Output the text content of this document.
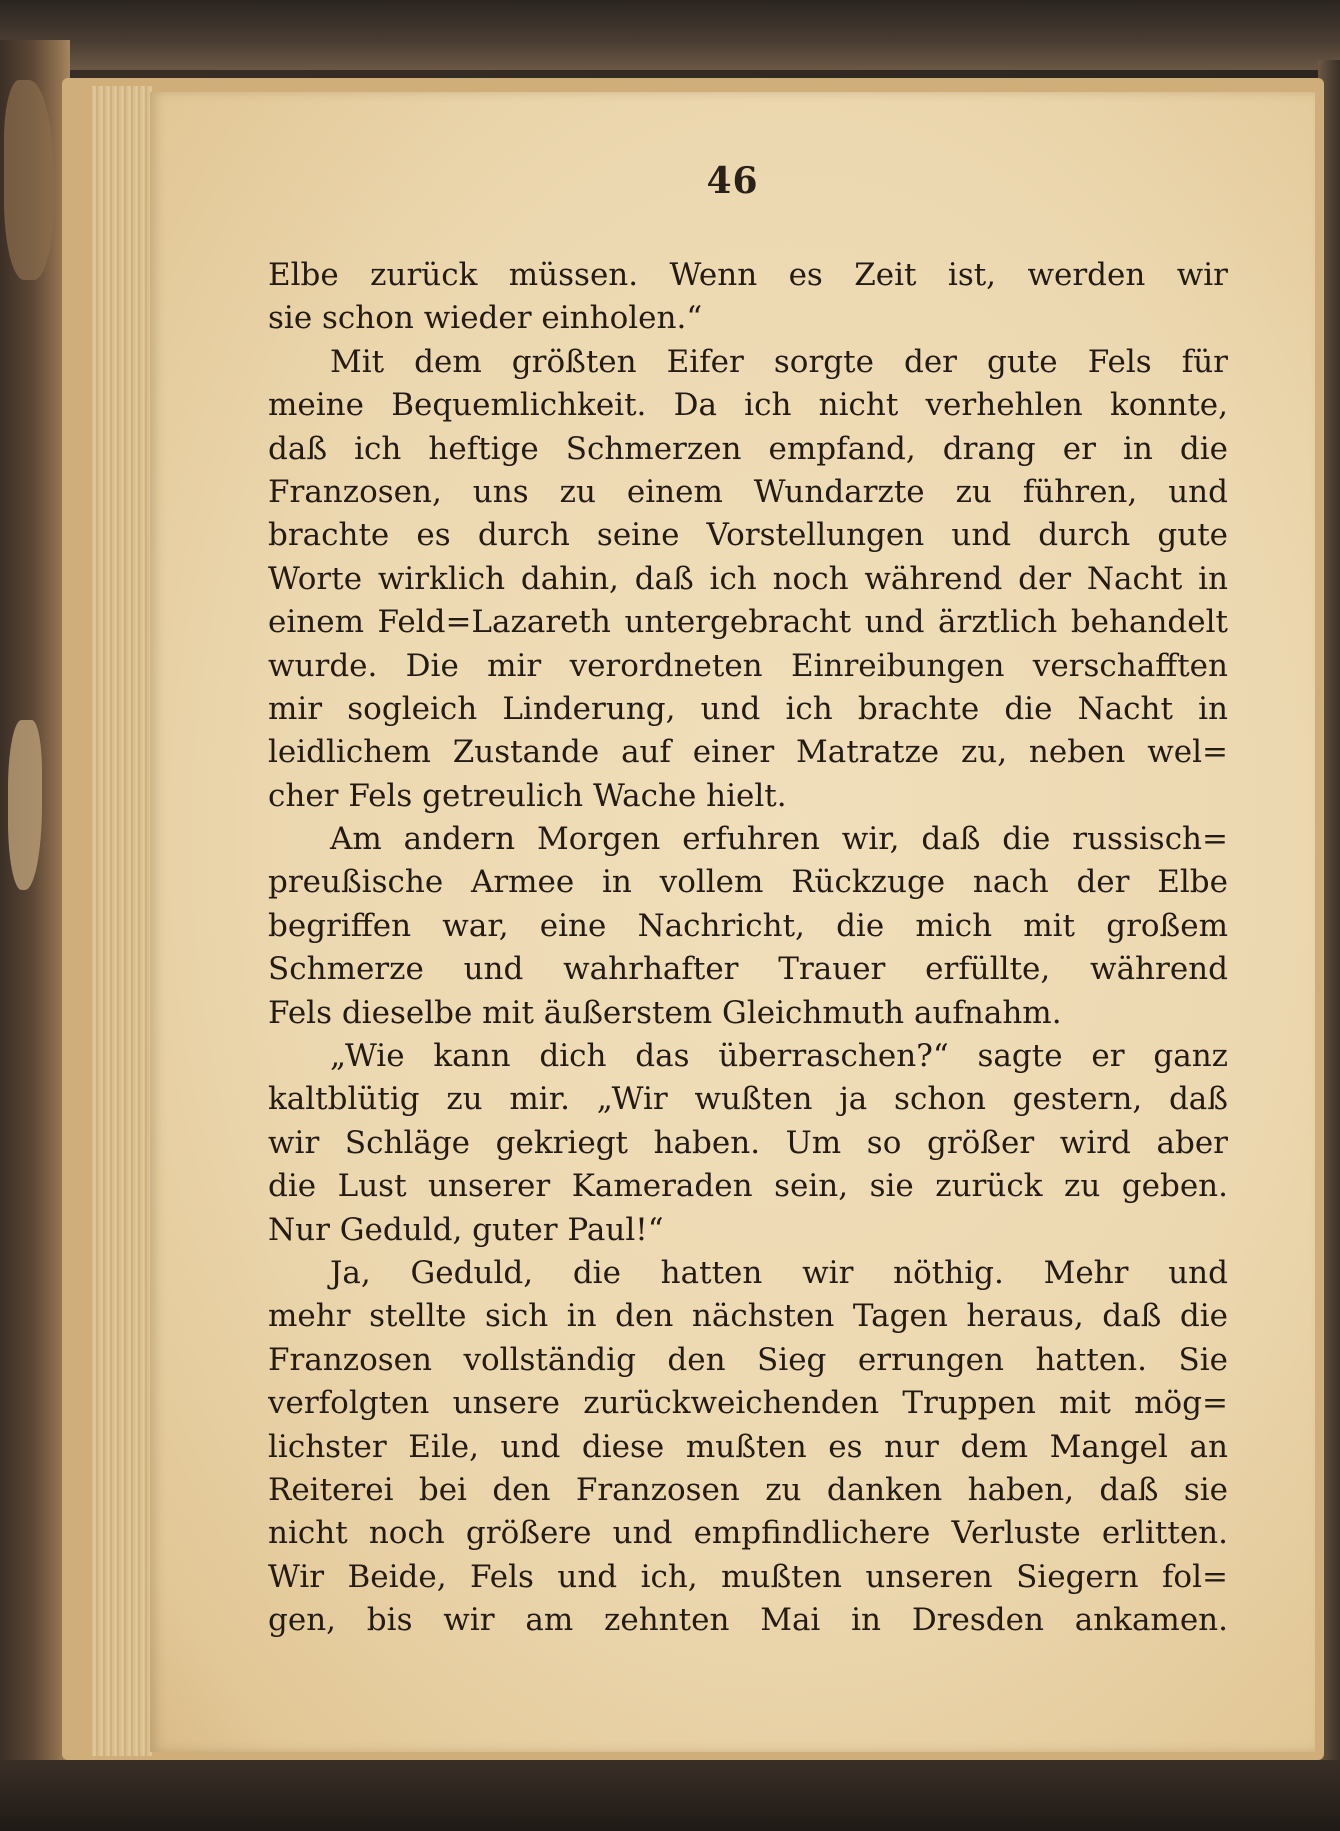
46
Elbe zurück müssen. Wenn es Zeit ist, werden wir
sie schon wieder einholen.“
Mit dem größten Eifer sorgte der gute Fels für
meine Bequemlichkeit. Da ich nicht verhehlen konnte,
daß ich heftige Schmerzen empfand, drang er in die
Franzosen, uns zu einem Wundarzte zu führen, und
brachte es durch seine Vorstellungen und durch gute
Worte wirklich dahin, daß ich noch während der Nacht in
einem Feld=Lazareth untergebracht und ärztlich behandelt
wurde. Die mir verordneten Einreibungen verschafften
mir sogleich Linderung, und ich brachte die Nacht in
leidlichem Zustande auf einer Matratze zu, neben wel=
cher Fels getreulich Wache hielt.
Am andern Morgen erfuhren wir, daß die russisch=
preußische Armee in vollem Rückzuge nach der Elbe
begriffen war, eine Nachricht, die mich mit großem
Schmerze und wahrhafter Trauer erfüllte, während
Fels dieselbe mit äußerstem Gleichmuth aufnahm.
„Wie kann dich das überraschen?“ sagte er ganz
kaltblütig zu mir. „Wir wußten ja schon gestern, daß
wir Schläge gekriegt haben. Um so größer wird aber
die Lust unserer Kameraden sein, sie zurück zu geben.
Nur Geduld, guter Paul!“
Ja, Geduld, die hatten wir nöthig. Mehr und
mehr stellte sich in den nächsten Tagen heraus, daß die
Franzosen vollständig den Sieg errungen hatten. Sie
verfolgten unsere zurückweichenden Truppen mit mög=
lichster Eile, und diese mußten es nur dem Mangel an
Reiterei bei den Franzosen zu danken haben, daß sie
nicht noch größere und empfindlichere Verluste erlitten.
Wir Beide, Fels und ich, mußten unseren Siegern fol=
gen, bis wir am zehnten Mai in Dresden ankamen.
